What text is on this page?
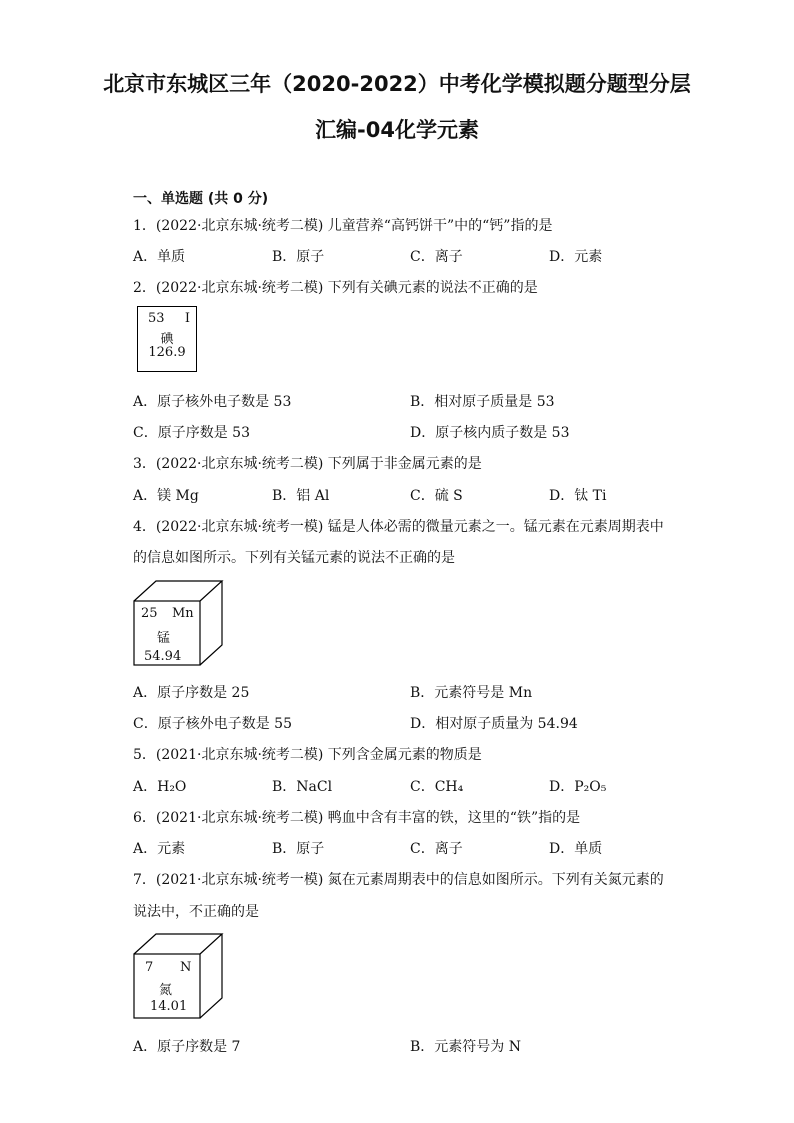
北京市东城区三年（2020-2022）中考化学模拟题分题型分层
汇编-04化学元素
一、单选题 (共 0 分)
1．(2022·北京东城·统考二模) 儿童营养“高钙饼干”中的“钙”指的是
A．单质	B．原子	C．离子	D．元素
2．(2022·北京东城·统考二模) 下列有关碘元素的说法不正确的是
53 I
碘
126.9
A．原子核外电子数是 53	B．相对原子质量是 53
C．原子序数是 53	D．原子核内质子数是 53
3．(2022·北京东城·统考二模) 下列属于非金属元素的是
A．镁 Mg	B．铝 Al	C．硫 S	D．钛 Ti
4．(2022·北京东城·统考一模) 锰是人体必需的微量元素之一。锰元素在元素周期表中
的信息如图所示。下列有关锰元素的说法不正确的是
25 Mn
锰
54.94
A．原子序数是 25	B．元素符号是 Mn
C．原子核外电子数是 55	D．相对原子质量为 54.94
5．(2021·北京东城·统考二模) 下列含金属元素的物质是
A．H₂O	B．NaCl	C．CH₄	D．P₂O₅
6．(2021·北京东城·统考二模) 鸭血中含有丰富的铁，这里的“铁”指的是
A．元素	B．原子	C．离子	D．单质
7．(2021·北京东城·统考一模) 氮在元素周期表中的信息如图所示。下列有关氮元素的
说法中，不正确的是
7 N
氮
14.01
A．原子序数是 7	B．元素符号为 N
